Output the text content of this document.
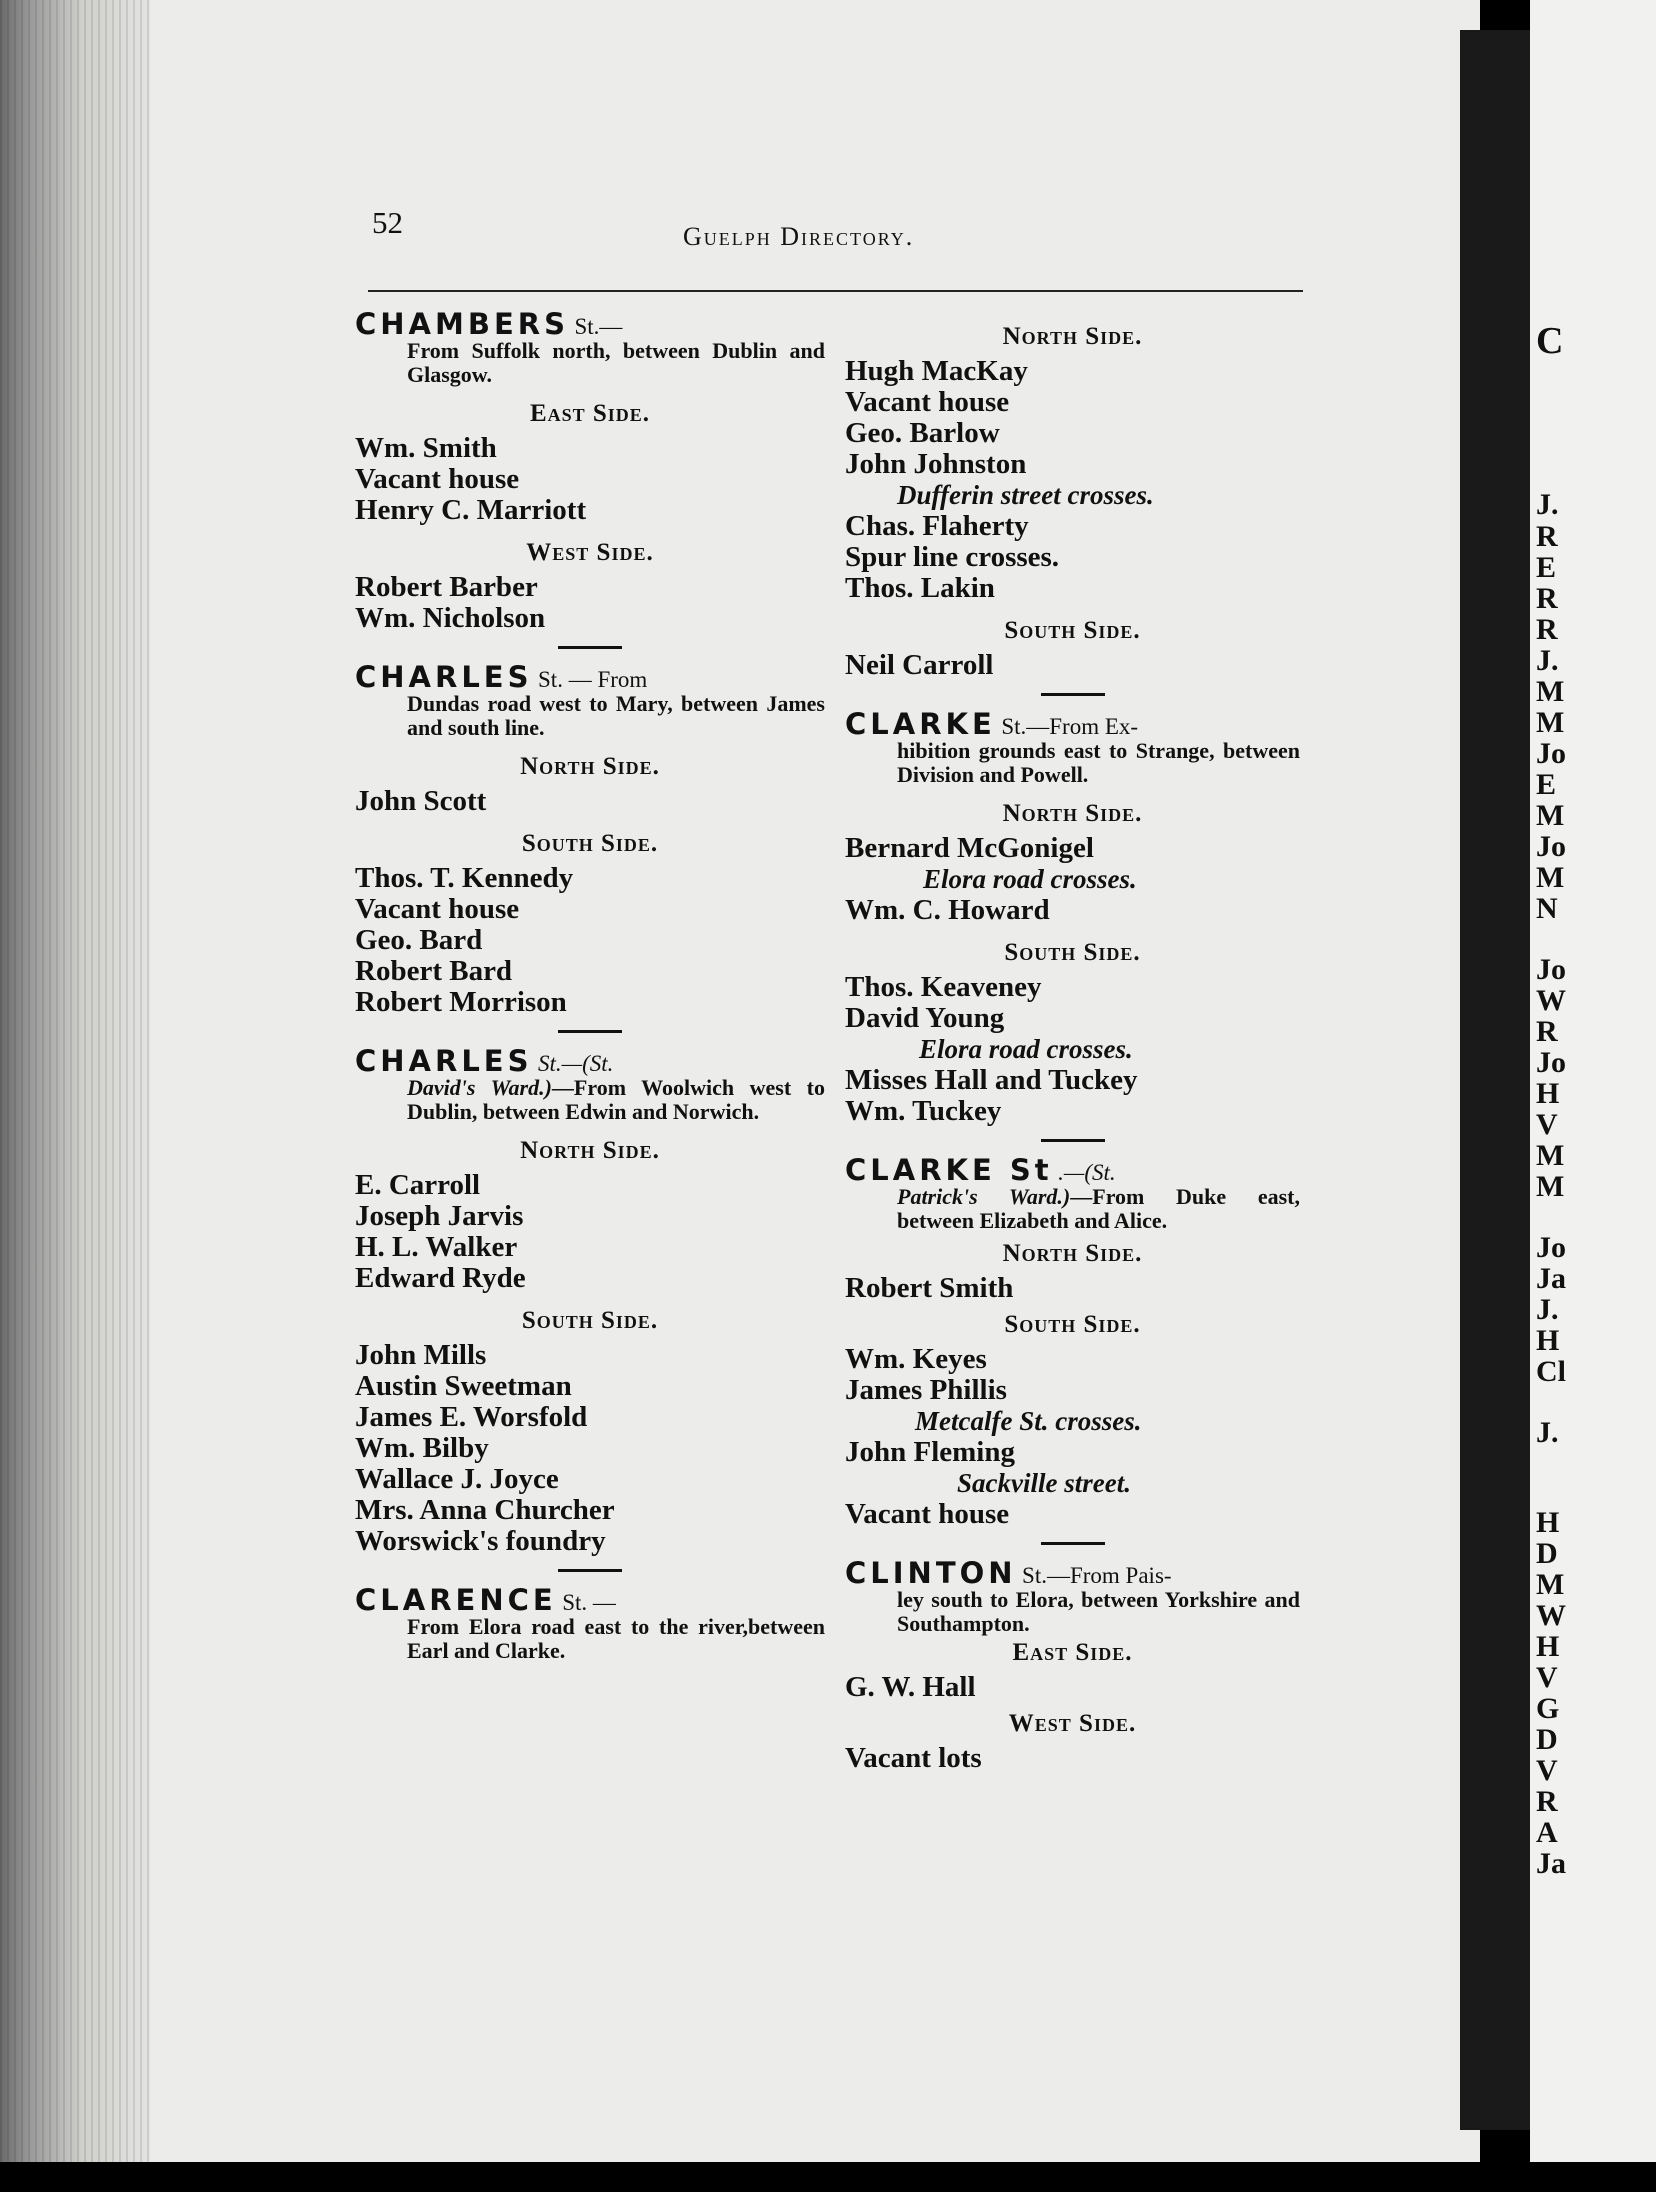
52	Guelph Directory.
CHAMBERS St.—
From Suffolk north, between Dublin and Glasgow.
East Side.
Wm. Smith
Vacant house
Henry C. Marriott
West Side.
Robert Barber
Wm. Nicholson
CHARLES St. — From
Dundas road west to Mary, between James and south line.
North Side.
John Scott
South Side.
Thos. T. Kennedy
Vacant house
Geo. Bard
Robert Bard
Robert Morrison
CHARLES St.—(St.
David's Ward.)—From Woolwich west to Dublin, between Edwin and Norwich.
North Side.
E. Carroll
Joseph Jarvis
H. L. Walker
Edward Ryde
South Side.
John Mills
Austin Sweetman
James E. Worsfold
Wm. Bilby
Wallace J. Joyce
Mrs. Anna Churcher
Worswick's foundry
CLARENCE St. —
From Elora road east to the river,between Earl and Clarke.
North Side.
Hugh MacKay
Vacant house
Geo. Barlow
John Johnston
Dufferin street crosses.
Chas. Flaherty
Spur line crosses.
Thos. Lakin
South Side.
Neil Carroll
CLARKE St.—From Ex-
hibition grounds east to Strange, between Division and Powell.
North Side.
Bernard McGonigel
Elora road crosses.
Wm. C. Howard
South Side.
Thos. Keaveney
David Young
Elora road crosses.
Misses Hall and Tuckey
Wm. Tuckey
CLARKE St .—(St.
Patrick's Ward.)—From Duke east, between Elizabeth and Alice.
North Side.
Robert Smith
South Side.
Wm. Keyes
James Phillis
Metcalfe St. crosses.
John Fleming
Sackville street.
Vacant house
CLINTON St.—From Pais-
ley south to Elora, between Yorkshire and Southampton.
East Side.
G. W. Hall
West Side.
Vacant lots
C
J.
R
E
R
R
J.
M
M
Jo
E
M
Jo
M
N
Jo
W
R
Jo
H
V
M
M
Jo
Ja
J.
H
Cl
J.
H
D
M
W
H
V
G
D
V
R
A
Ja
